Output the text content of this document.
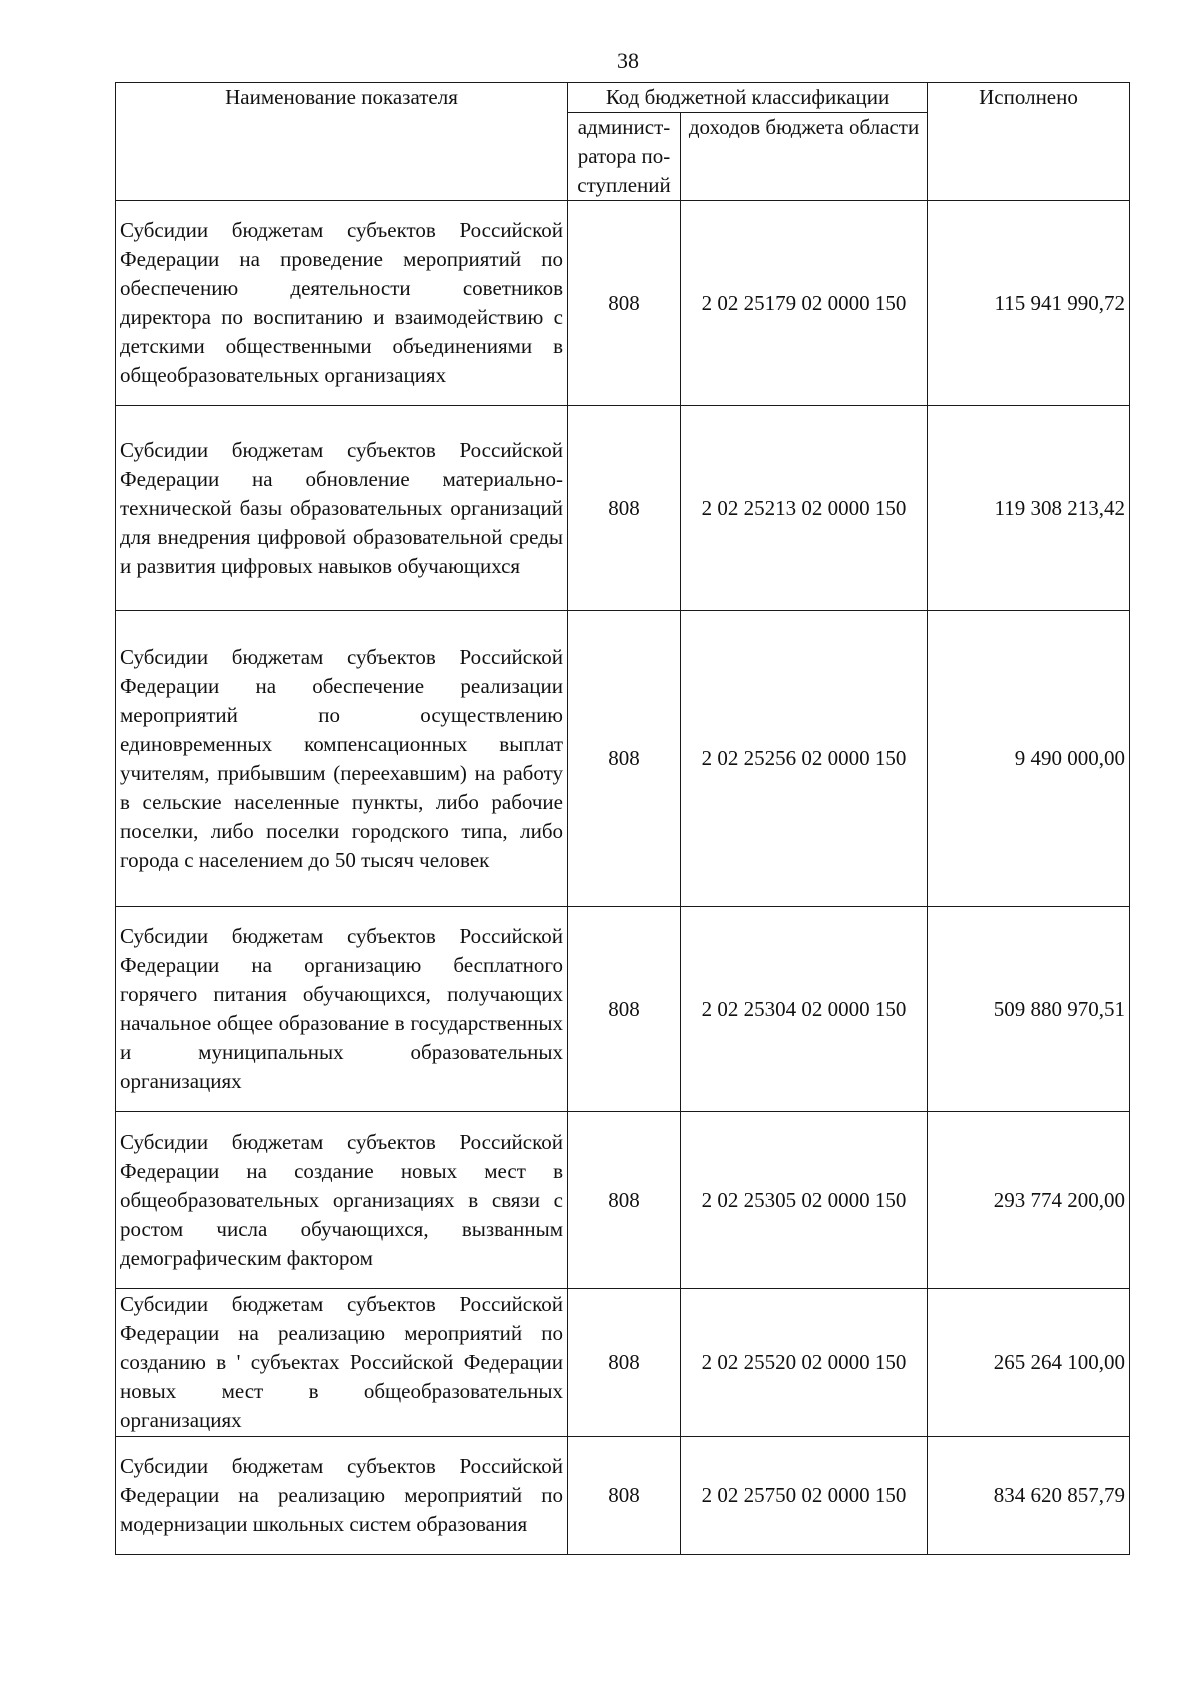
38
Наименование показателя	Код бюджетной классификации		Исполнено
	админист-ратора по-ступлений	доходов бюджета области	
Субсидии бюджетам субъектов Российской Федерации на проведение мероприятий по обеспечению деятельности советников директора по воспитанию и взаимодействию с детскими общественными объединениями в общеобразовательных организациях	808	2 02 25179 02 0000 150	115 941 990,72
Субсидии бюджетам субъектов Российской Федерации на обновление материально-технической базы образовательных организаций для внедрения цифровой образовательной среды и развития цифровых навыков обучающихся	808	2 02 25213 02 0000 150	119 308 213,42
Субсидии бюджетам субъектов Российской Федерации на обеспечение реализации мероприятий по осуществлению единовременных компенсационных выплат учителям, прибывшим (переехавшим) на работу в сельские населенные пункты, либо рабочие поселки, либо поселки городского типа, либо города с населением до 50 тысяч человек	808	2 02 25256 02 0000 150	9 490 000,00
Субсидии бюджетам субъектов Российской Федерации на организацию бесплатного горячего питания обучающихся, получающих начальное общее образование в государственных и муниципальных образовательных организациях	808	2 02 25304 02 0000 150	509 880 970,51
Субсидии бюджетам субъектов Российской Федерации на создание новых мест в общеобразовательных организациях в связи с ростом числа обучающихся, вызванным демографическим фактором	808	2 02 25305 02 0000 150	293 774 200,00
Субсидии бюджетам субъектов Российской Федерации на реализацию мероприятий по созданию в ' субъектах Российской Федерации новых мест в общеобразовательных организациях	808	2 02 25520 02 0000 150	265 264 100,00
Субсидии бюджетам субъектов Российской Федерации на реализацию мероприятий по модернизации школьных систем образования	808	2 02 25750 02 0000 150	834 620 857,79
